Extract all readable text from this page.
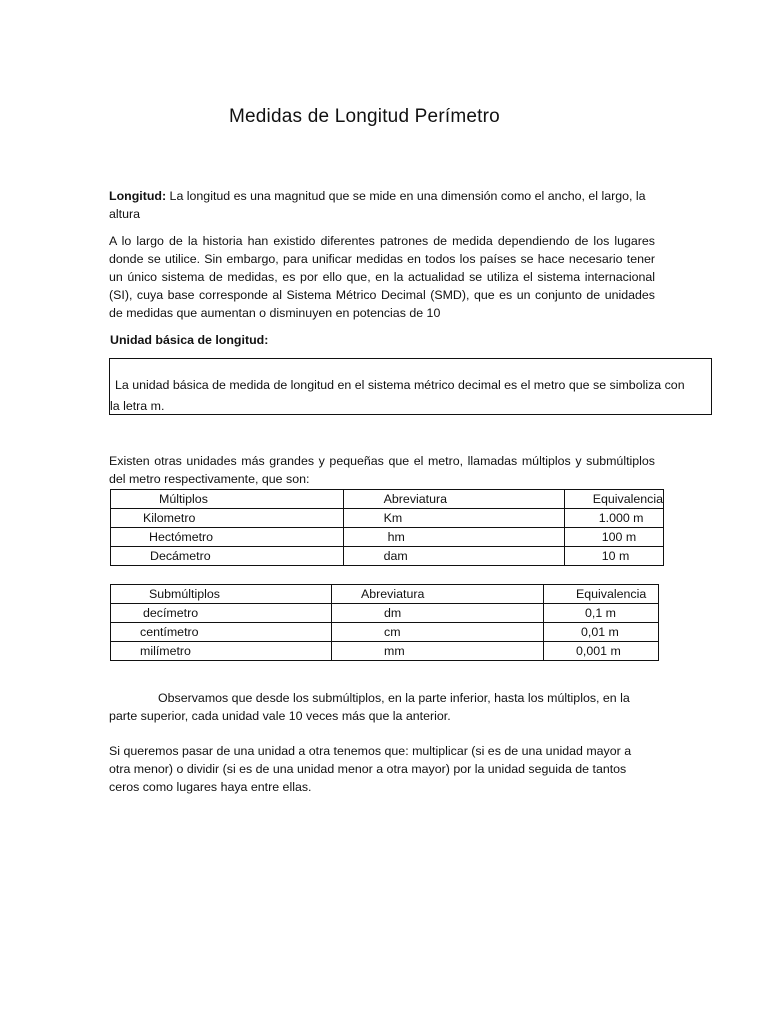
Medidas de Longitud Perímetro

Longitud: La longitud es una magnitud que se mide en una dimensión como el ancho, el largo, la altura

A lo largo de la historia han existido diferentes patrones de medida dependiendo de los lugares donde se utilice. Sin embargo, para unificar medidas en todos los países se hace necesario tener un único sistema de medidas, es por ello que, en la actualidad se utiliza el sistema internacional (SI), cuya base corresponde al Sistema Métrico Decimal (SMD), que es un conjunto de unidades de medidas que aumentan o disminuyen en potencias de 10

Unidad básica de longitud:

La unidad básica de medida de longitud en el sistema métrico decimal es el metro que se simboliza con
la letra m.

Existen otras unidades más grandes y pequeñas que el metro, llamadas múltiplos y submúltiplos del metro respectivamente, que son:

Múltiplos	Abreviatura	Equivalencia
Kilometro	Km	1.000 m
Hectómetro	hm	100 m
Decámetro	dam	10 m
Submúltiplos	Abreviatura	Equivalencia
decímetro	dm	0,1 m
centímetro	cm	0,01 m
milímetro	mm	0,001 m

Observamos que desde los submúltiplos, en la parte inferior, hasta los múltiplos, en la parte superior, cada unidad vale 10 veces más que la anterior.

Si queremos pasar de una unidad a otra tenemos que: multiplicar (si es de una unidad mayor a otra menor) o dividir (si es de una unidad menor a otra mayor) por la unidad seguida de tantos ceros como lugares haya entre ellas.
